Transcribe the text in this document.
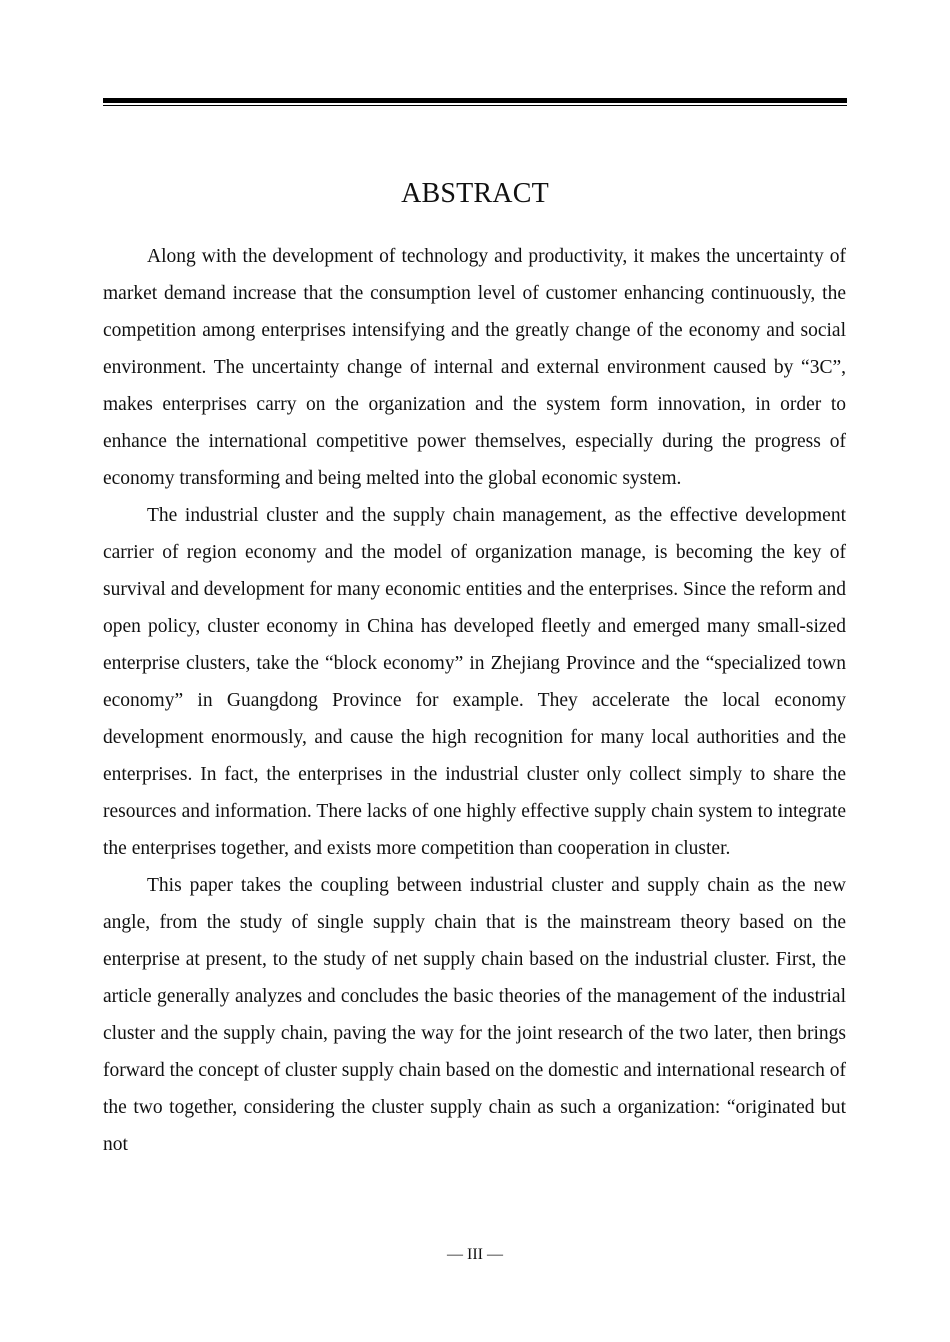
ABSTRACT

Along with the development of technology and productivity, it makes the uncertainty of market demand increase that the consumption level of customer enhancing continuously, the competition among enterprises intensifying and the greatly change of the economy and social environment. The uncertainty change of internal and external environment caused by “3C”, makes enterprises carry on the organization and the system form innovation, in order to enhance the international competitive power themselves, especially during the progress of economy transforming and being melted into the global economic system.

The industrial cluster and the supply chain management, as the effective development carrier of region economy and the model of organization manage, is becoming the key of survival and development for many economic entities and the enterprises. Since the reform and open policy, cluster economy in China has developed fleetly and emerged many small-sized enterprise clusters, take the “block economy” in Zhejiang Province and the “specialized town economy” in Guangdong Province for example. They accelerate the local economy development enormously, and cause the high recognition for many local authorities and the enterprises. In fact, the enterprises in the industrial cluster only collect simply to share the resources and information. There lacks of one highly effective supply chain system to integrate the enterprises together, and exists more competition than cooperation in cluster.

This paper takes the coupling between industrial cluster and supply chain as the new angle, from the study of single supply chain that is the mainstream theory based on the enterprise at present, to the study of net supply chain based on the industrial cluster. First, the article generally analyzes and concludes the basic theories of the management of the industrial cluster and the supply chain, paving the way for the joint research of the two later, then brings forward the concept of cluster supply chain based on the domestic and international research of the two together, considering the cluster supply chain as such a organization: “originated but not

— III —
